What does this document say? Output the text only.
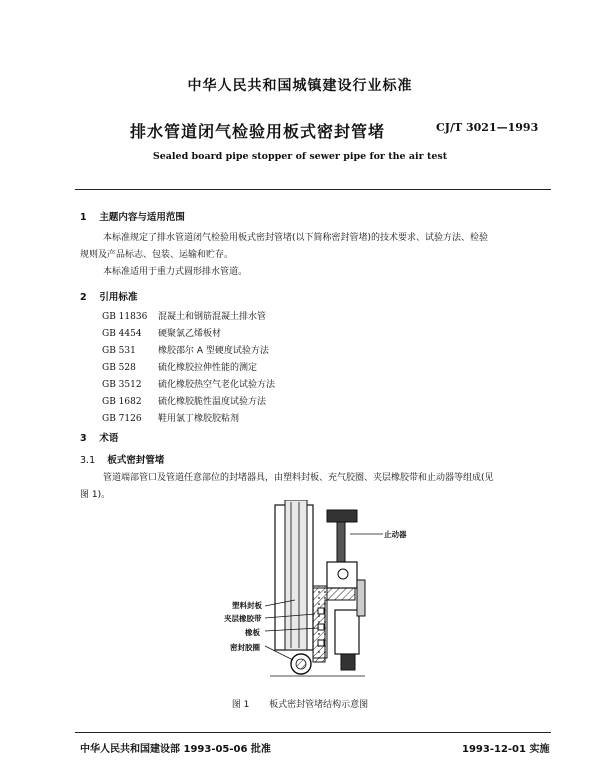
中华人民共和国城镇建设行业标准
排水管道闭气检验用板式密封管堵	CJ/T 3021—1993
Sealed board pipe stopper of sewer pipe for the air test
1 主题内容与适用范围
本标准规定了排水管道闭气检验用板式密封管堵(以下简称密封管堵)的技术要求、试验方法、检验
规则及产品标志、包装、运输和贮存。
本标准适用于重力式圆形排水管道。
2 引用标准
GB 11836 混凝土和钢筋混凝土排水管
GB 4454 硬聚氯乙烯板材
GB 531 橡胶邵尔 A 型硬度试验方法
GB 528 硫化橡胶拉伸性能的测定
GB 3512 硫化橡胶热空气老化试验方法
GB 1682 硫化橡胶脆性温度试验方法
GB 7126 鞋用氯丁橡胶胶粘剂
3 术语
3.1 板式密封管堵
管道端部管口及管道任意部位的封堵器具，由塑料封板、充气胶圈、夹层橡胶带和止动器等组成(见
图 1)。
止动器
塑料封板
夹层橡胶带
橡板
密封胶圈
图 1 板式密封管堵结构示意图
中华人民共和国建设部 1993-05-06 批准	1993-12-01 实施
